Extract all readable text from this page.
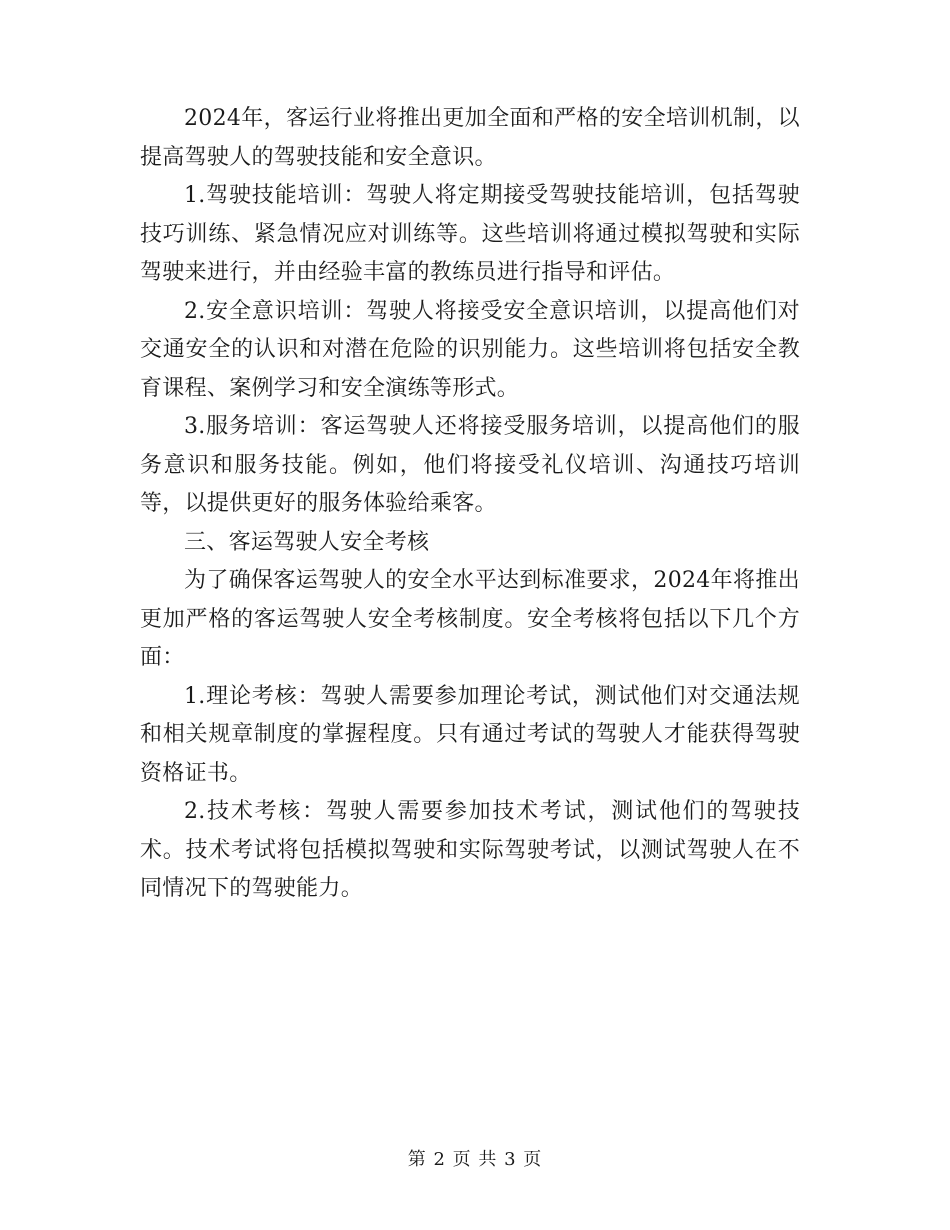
2024年，客运行业将推出更加全面和严格的安全培训机制，以提高驾驶人的驾驶技能和安全意识。

1.驾驶技能培训：驾驶人将定期接受驾驶技能培训，包括驾驶技巧训练、紧急情况应对训练等。这些培训将通过模拟驾驶和实际驾驶来进行，并由经验丰富的教练员进行指导和评估。

2.安全意识培训：驾驶人将接受安全意识培训，以提高他们对交通安全的认识和对潜在危险的识别能力。这些培训将包括安全教育课程、案例学习和安全演练等形式。

3.服务培训：客运驾驶人还将接受服务培训，以提高他们的服务意识和服务技能。例如，他们将接受礼仪培训、沟通技巧培训等，以提供更好的服务体验给乘客。

三、客运驾驶人安全考核

为了确保客运驾驶人的安全水平达到标准要求，2024年将推出更加严格的客运驾驶人安全考核制度。安全考核将包括以下几个方面：

1.理论考核：驾驶人需要参加理论考试，测试他们对交通法规和相关规章制度的掌握程度。只有通过考试的驾驶人才能获得驾驶资格证书。

2.技术考核：驾驶人需要参加技术考试，测试他们的驾驶技术。技术考试将包括模拟驾驶和实际驾驶考试，以测试驾驶人在不同情况下的驾驶能力。

第 2 页 共 3 页
